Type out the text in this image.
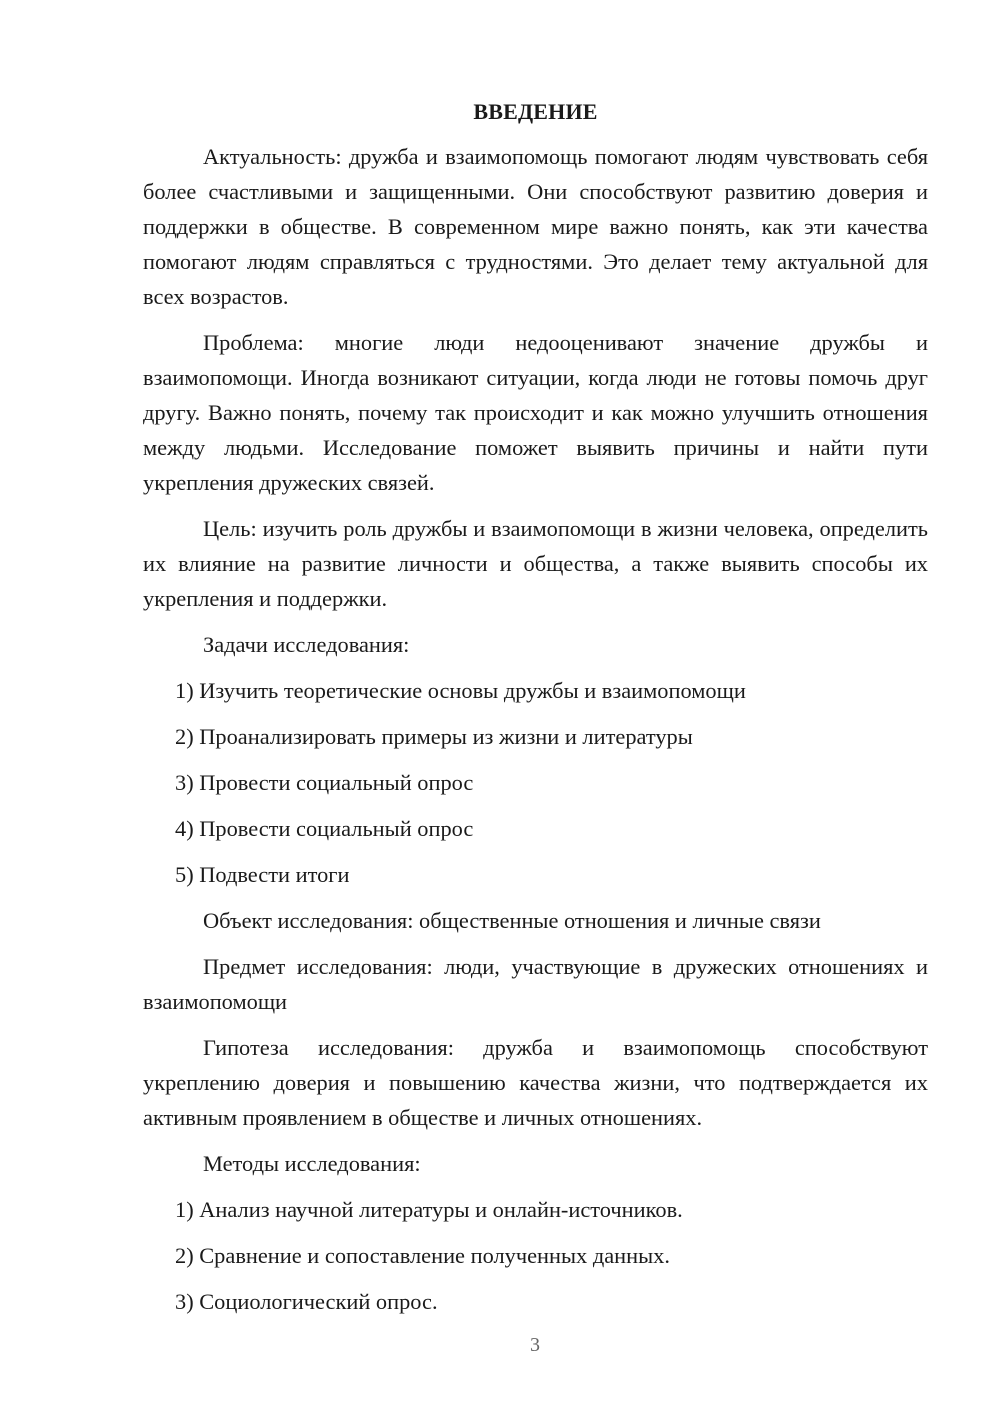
ВВЕДЕНИЕ

Актуальность: дружба и взаимопомощь помогают людям чувствовать себя более счастливыми и защищенными. Они способствуют развитию доверия и поддержки в обществе. В современном мире важно понять, как эти качества помогают людям справляться с трудностями. Это делает тему актуальной для всех возрастов.

Проблема: многие люди недооценивают значение дружбы и взаимопомощи. Иногда возникают ситуации, когда люди не готовы помочь друг другу. Важно понять, почему так происходит и как можно улучшить отношения между людьми. Исследование поможет выявить причины и найти пути укрепления дружеских связей.

Цель: изучить роль дружбы и взаимопомощи в жизни человека, определить их влияние на развитие личности и общества, а также выявить способы их укрепления и поддержки.

Задачи исследования:

1) Изучить теоретические основы дружбы и взаимопомощи

2) Проанализировать примеры из жизни и литературы

3) Провести социальный опрос

4) Провести социальный опрос

5) Подвести итоги

Объект исследования: общественные отношения и личные связи

Предмет исследования: люди, участвующие в дружеских отношениях и взаимопомощи

Гипотеза исследования: дружба и взаимопомощь способствуют укреплению доверия и повышению качества жизни, что подтверждается их активным проявлением в обществе и личных отношениях.

Методы исследования:

1) Анализ научной литературы и онлайн-источников.

2) Сравнение и сопоставление полученных данных.

3) Социологический опрос.

3
